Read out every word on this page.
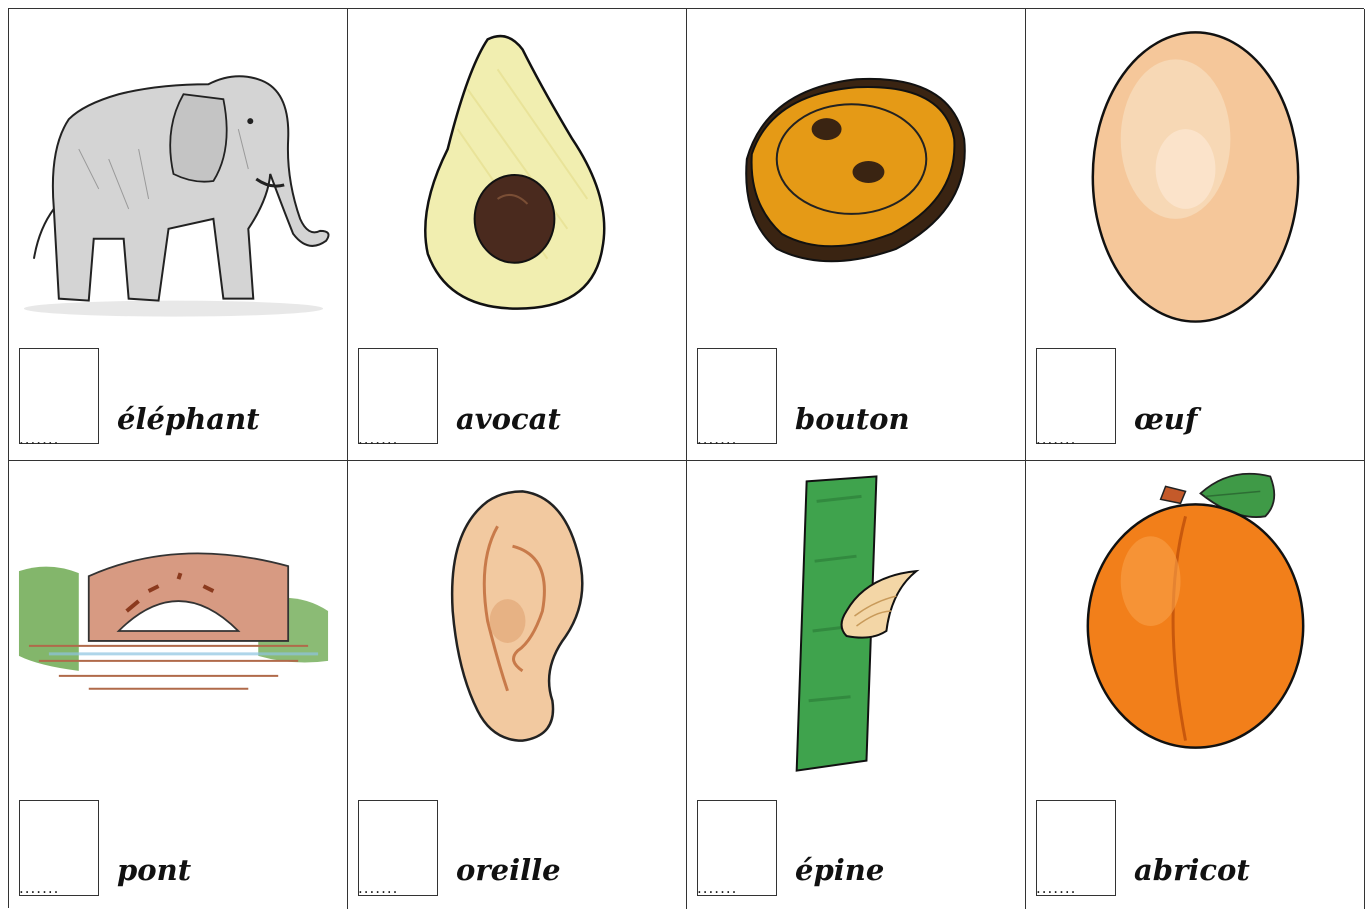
.......
éléphant
.......
avocat
.......
bouton
.......
œuf
.......
pont
.......
oreille
.......
épine
.......
abricot
